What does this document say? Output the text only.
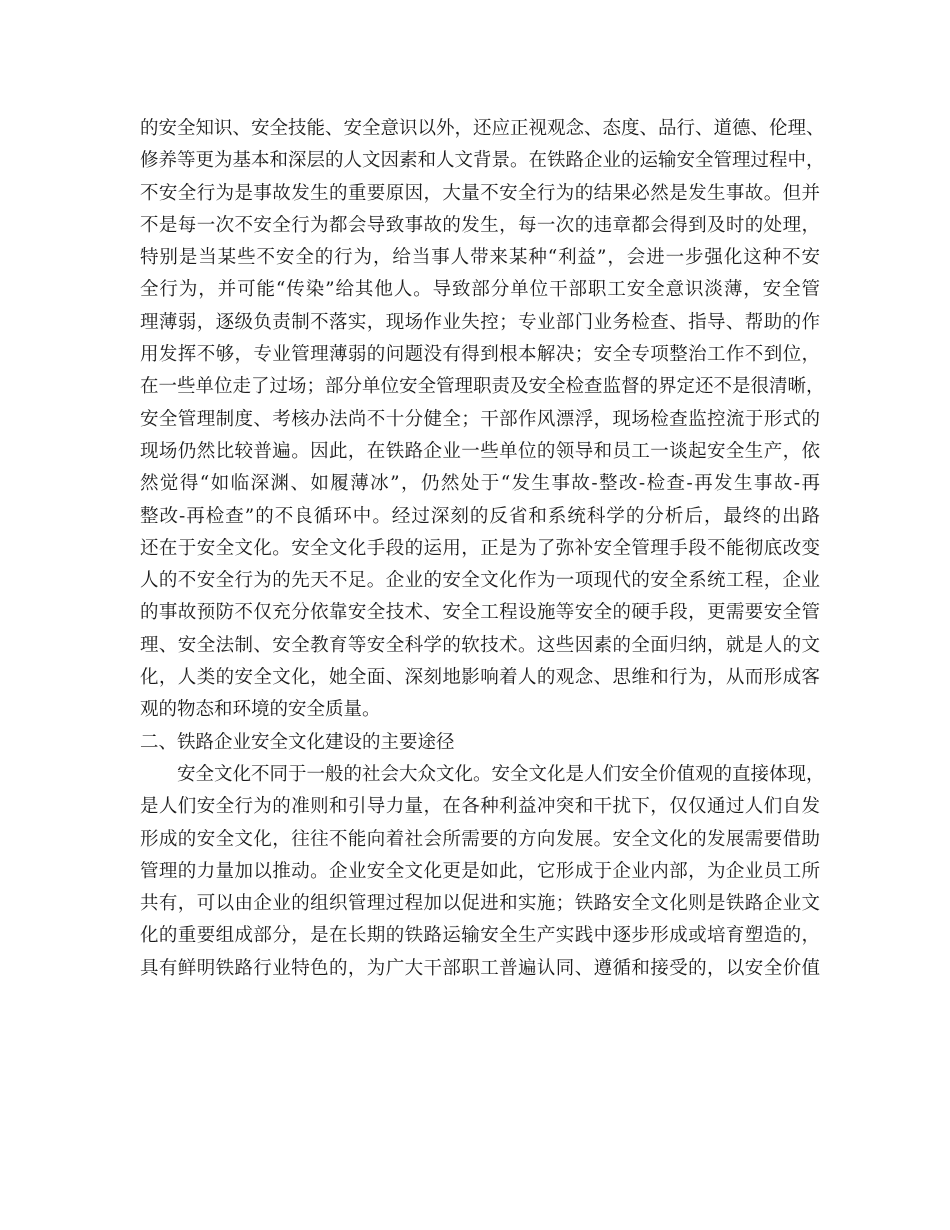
的安全知识、安全技能、安全意识以外，还应正视观念、态度、品行、道德、伦理、
修养等更为基本和深层的人文因素和人文背景。在铁路企业的运输安全管理过程中，
不安全行为是事故发生的重要原因，大量不安全行为的结果必然是发生事故。但并
不是每一次不安全行为都会导致事故的发生，每一次的违章都会得到及时的处理，
特别是当某些不安全的行为，给当事人带来某种“利益”，会进一步强化这种不安
全行为，并可能“传染”给其他人。导致部分单位干部职工安全意识淡薄，安全管
理薄弱，逐级负责制不落实，现场作业失控；专业部门业务检查、指导、帮助的作
用发挥不够，专业管理薄弱的问题没有得到根本解决；安全专项整治工作不到位，
在一些单位走了过场；部分单位安全管理职责及安全检查监督的界定还不是很清晰，
安全管理制度、考核办法尚不十分健全；干部作风漂浮，现场检查监控流于形式的
现场仍然比较普遍。因此，在铁路企业一些单位的领导和员工一谈起安全生产，依
然觉得“如临深渊、如履薄冰”，仍然处于“发生事故-整改-检查-再发生事故-再
整改-再检查”的不良循环中。经过深刻的反省和系统科学的分析后，最终的出路
还在于安全文化。安全文化手段的运用，正是为了弥补安全管理手段不能彻底改变
人的不安全行为的先天不足。企业的安全文化作为一项现代的安全系统工程，企业
的事故预防不仅充分依靠安全技术、安全工程设施等安全的硬手段，更需要安全管
理、安全法制、安全教育等安全科学的软技术。这些因素的全面归纳，就是人的文
化，人类的安全文化，她全面、深刻地影响着人的观念、思维和行为，从而形成客
观的物态和环境的安全质量。
二、铁路企业安全文化建设的主要途径
安全文化不同于一般的社会大众文化。安全文化是人们安全价值观的直接体现，
是人们安全行为的准则和引导力量，在各种利益冲突和干扰下，仅仅通过人们自发
形成的安全文化，往往不能向着社会所需要的方向发展。安全文化的发展需要借助
管理的力量加以推动。企业安全文化更是如此，它形成于企业内部，为企业员工所
共有，可以由企业的组织管理过程加以促进和实施；铁路安全文化则是铁路企业文
化的重要组成部分，是在长期的铁路运输安全生产实践中逐步形成或培育塑造的，
具有鲜明铁路行业特色的，为广大干部职工普遍认同、遵循和接受的，以安全价值
